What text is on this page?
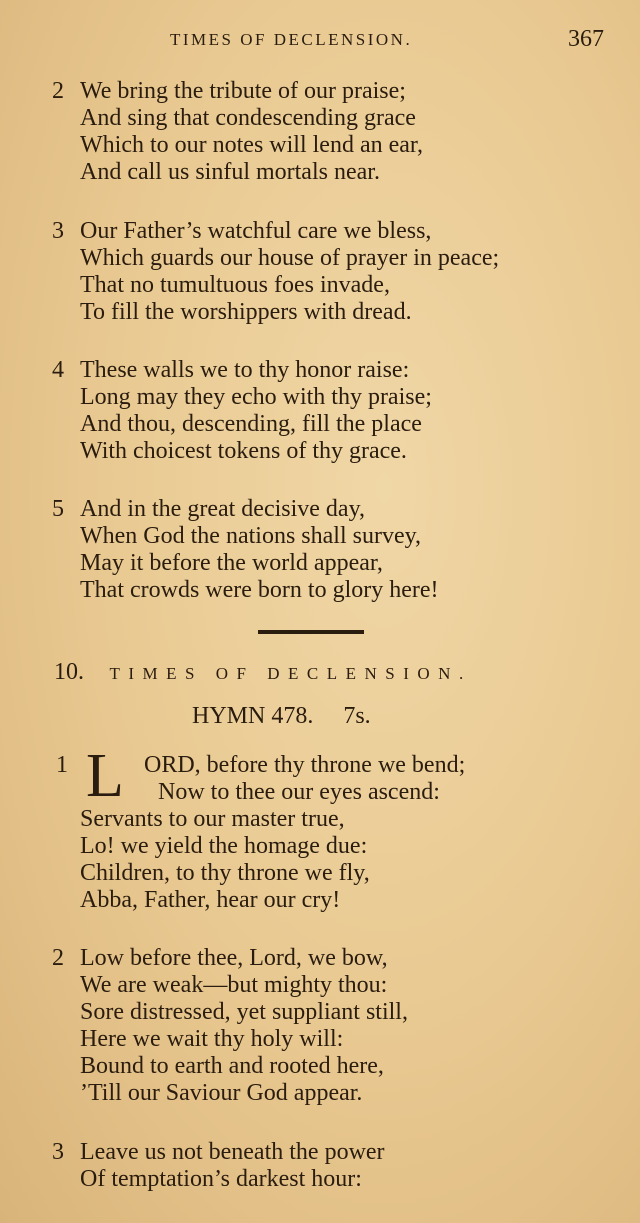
TIMES OF DECLENSION.	367
2 We bring the tribute of our praise;
And sing that condescending grace
Which to our notes will lend an ear,
And call us sinful mortals near.
3 Our Father’s watchful care we bless,
Which guards our house of prayer in peace;
That no tumultuous foes invade,
To fill the worshippers with dread.
4 These walls we to thy honor raise:
Long may they echo with thy praise;
And thou, descending, fill the place
With choicest tokens of thy grace.
5 And in the great decisive day,
When God the nations shall survey,
May it before the world appear,
That crowds were born to glory here!
10. TIMES OF DECLENSION.
HYMN 478. 7s.
1 L ORD, before thy throne we bend;
Now to thee our eyes ascend:
Servants to our master true,
Lo! we yield the homage due:
Children, to thy throne we fly,
Abba, Father, hear our cry!
2 Low before thee, Lord, we bow,
We are weak—but mighty thou:
Sore distressed, yet suppliant still,
Here we wait thy holy will:
Bound to earth and rooted here,
’Till our Saviour God appear.
3 Leave us not beneath the power
Of temptation’s darkest hour:
